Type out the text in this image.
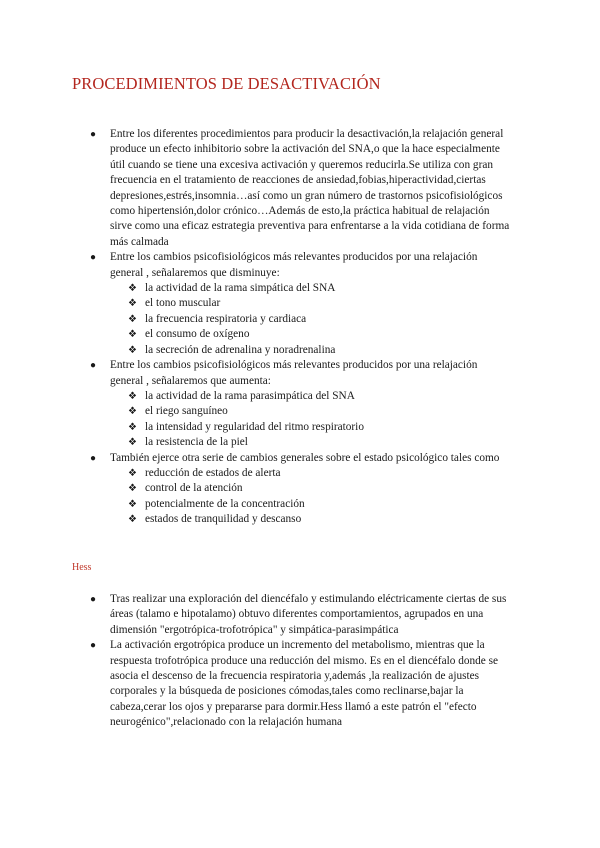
PROCEDIMIENTOS DE DESACTIVACIÓN
●	Entre los diferentes procedimientos para producir la desactivación,la relajación general produce un efecto inhibitorio sobre la activación del SNA,o que la hace especialmente útil cuando se tiene una excesiva activación y queremos reducirla.Se utiliza con gran frecuencia en el tratamiento de reacciones de ansiedad,fobias,hiperactividad,ciertas depresiones,estrés,insomnia…así como un gran número de trastornos psicofisiológicos como hipertensión,dolor crónico…Además de esto,la práctica habitual de relajación sirve como una eficaz estrategia preventiva para enfrentarse a la vida cotidiana de forma más calmada
●	Entre los cambios psicofisiológicos más relevantes producidos por una relajación general , señalaremos que disminuye:
❖ la actividad de la rama simpática del SNA
❖ el tono muscular
❖ la frecuencia respiratoria y cardiaca
❖ el consumo de oxígeno
❖ la secreción de adrenalina y noradrenalina
●	Entre los cambios psicofisiológicos más relevantes producidos por una relajación general , señalaremos que aumenta:
❖ la actividad de la rama parasimpática del SNA
❖ el riego sanguíneo
❖ la intensidad y regularidad del ritmo respiratorio
❖ la resistencia de la piel
●	También ejerce otra serie de cambios generales sobre el estado psicológico tales como
❖ reducción de estados de alerta
❖ control de la atención
❖ potencialmente de la concentración
❖ estados de tranquilidad y descanso
Hess
●	Tras realizar una exploración del diencéfalo y estimulando eléctricamente ciertas de sus áreas (talamo e hipotalamo) obtuvo diferentes comportamientos, agrupados en una dimensión "ergotrópica-trofotrópica" y simpática-parasimpática
●	La activación ergotrópica produce un incremento del metabolismo, mientras que la respuesta trofotrópica produce una reducción del mismo. Es en el diencéfalo donde se asocia el descenso de la frecuencia respiratoria y,además ,la realización de ajustes corporales y la búsqueda de posiciones cómodas,tales como reclinarse,bajar la cabeza,cerar los ojos y prepararse para dormir.Hess llamó a este patrón el "efecto neurogénico",relacionado con la relajación humana
